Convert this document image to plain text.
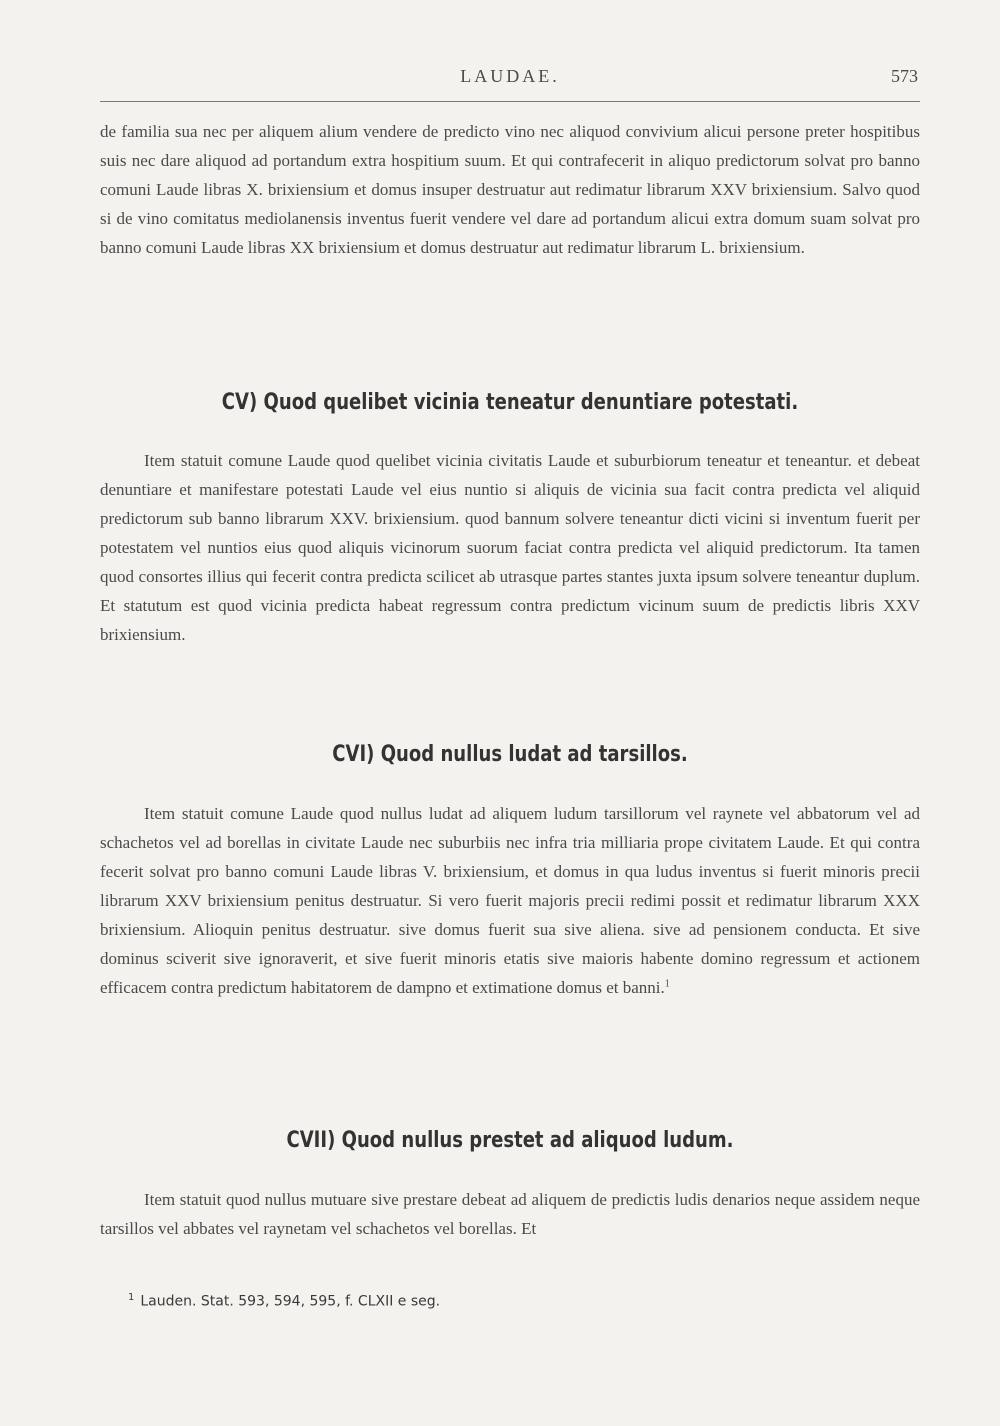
LAUDAE.	573

de familia sua nec per aliquem alium vendere de predicto vino nec aliquod convivium alicui persone preter hospitibus suis nec dare aliquod ad portandum extra hospitium suum. Et qui contrafecerit in aliquo predictorum solvat pro banno comuni Laude libras X. brixiensium et domus insuper destruatur aut redimatur librarum XXV brixiensium. Salvo quod si de vino comitatus mediolanensis inventus fuerit vendere vel dare ad portandum alicui extra domum suam solvat pro banno comuni Laude libras XX brixiensium et domus destruatur aut redimatur librarum L. brixiensium.

CV) Quod quelibet vicinia teneatur denuntiare potestati.

Item statuit comune Laude quod quelibet vicinia civitatis Laude et suburbiorum teneatur et teneantur. et debeat denuntiare et manifestare potestati Laude vel eius nuntio si aliquis de vicinia sua facit contra predicta vel aliquid predictorum sub banno librarum XXV. brixiensium. quod bannum solvere teneantur dicti vicini si inventum fuerit per potestatem vel nuntios eius quod aliquis vicinorum suorum faciat contra predicta vel aliquid predictorum. Ita tamen quod consortes illius qui fecerit contra predicta scilicet ab utrasque partes stantes juxta ipsum solvere teneantur duplum. Et statutum est quod vicinia predicta habeat regressum contra predictum vicinum suum de predictis libris XXV brixiensium.

CVI) Quod nullus ludat ad tarsillos.

Item statuit comune Laude quod nullus ludat ad aliquem ludum tarsillorum vel raynete vel abbatorum vel ad schachetos vel ad borellas in civitate Laude nec suburbiis nec infra tria milliaria prope civitatem Laude. Et qui contra fecerit solvat pro banno comuni Laude libras V. brixiensium, et domus in qua ludus inventus si fuerit minoris precii librarum XXV brixiensium penitus destruatur. Si vero fuerit majoris precii redimi possit et redimatur librarum XXX brixiensium. Alioquin penitus destruatur. sive domus fuerit sua sive aliena. sive ad pensionem conducta. Et sive dominus sciverit sive ignoraverit, et sive fuerit minoris etatis sive maioris habente domino regressum et actionem efficacem contra predictum habitatorem de dampno et extimatione domus et banni.$^1$

CVII) Quod nullus prestet ad aliquod ludum.

Item statuit quod nullus mutuare sive prestare debeat ad aliquem de predictis ludis denarios neque assidem neque tarsillos vel abbates vel raynetam vel schachetos vel borellas. Et

$^1$ Lauden. Stat. 593, 594, 595, f. CLXII e seg.
